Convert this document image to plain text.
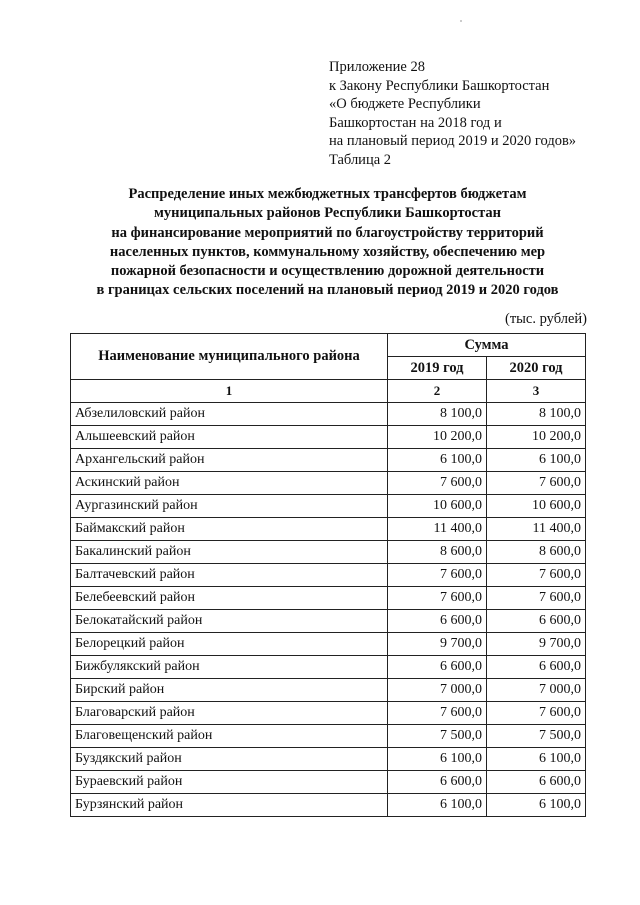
Приложение 28
к Закону Республики Башкортостан
«О бюджете Республики
Башкортостан на 2018 год и
на плановый период 2019 и 2020 годов»
Таблица 2
Распределение иных межбюджетных трансфертов бюджетам
муниципальных районов Республики Башкортостан
на финансирование мероприятий по благоустройству территорий
населенных пунктов, коммунальному хозяйству, обеспечению мер
пожарной безопасности и осуществлению дорожной деятельности
в границах сельских поселений на плановый период 2019 и 2020 годов
(тыс. рублей)
Наименование муниципального района	Сумма	
	2019 год	2020 год
1	2	3
Абзелиловский район	8 100,0	8 100,0
Альшеевский район	10 200,0	10 200,0
Архангельский район	6 100,0	6 100,0
Аскинский район	7 600,0	7 600,0
Аургазинский район	10 600,0	10 600,0
Баймакский район	11 400,0	11 400,0
Бакалинский район	8 600,0	8 600,0
Балтачевский район	7 600,0	7 600,0
Белебеевский район	7 600,0	7 600,0
Белокатайский район	6 600,0	6 600,0
Белорецкий район	9 700,0	9 700,0
Бижбулякский район	6 600,0	6 600,0
Бирский район	7 000,0	7 000,0
Благоварский район	7 600,0	7 600,0
Благовещенский район	7 500,0	7 500,0
Буздякский район	6 100,0	6 100,0
Бураевский район	6 600,0	6 600,0
Бурзянский район	6 100,0	6 100,0
